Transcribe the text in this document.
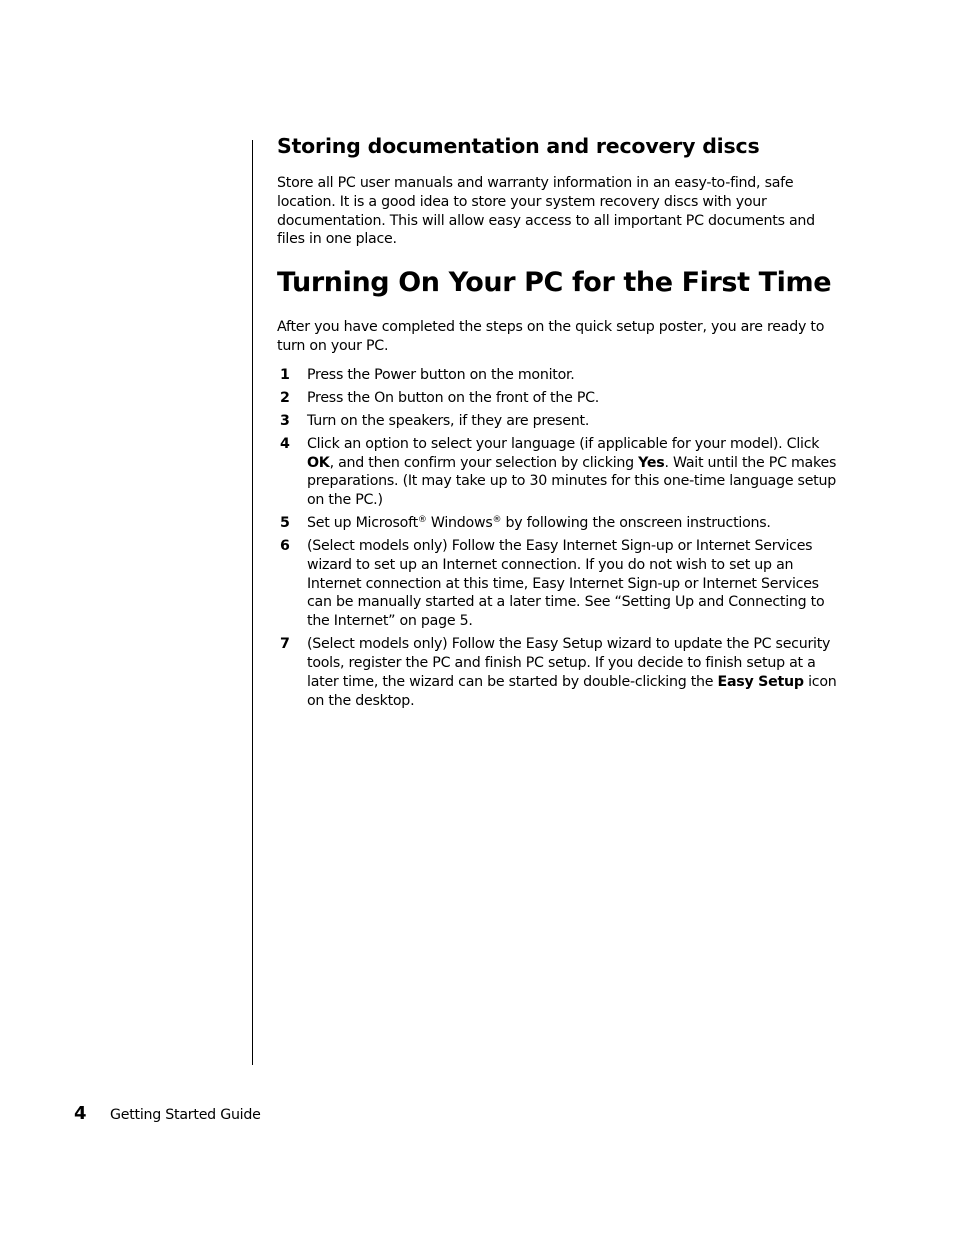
Storing documentation and recovery discs

Store all PC user manuals and warranty information in an easy-to-find, safe location. It is a good idea to store your system recovery discs with your documentation. This will allow easy access to all important PC documents and files in one place.

Turning On Your PC for the First Time

After you have completed the steps on the quick setup poster, you are ready to turn on your PC.

1	Press the Power button on the monitor.
2	Press the On button on the front of the PC.
3	Turn on the speakers, if they are present.
4	Click an option to select your language (if applicable for your model). Click OK, and then confirm your selection by clicking Yes. Wait until the PC makes preparations. (It may take up to 30 minutes for this one-time language setup on the PC.)
5	Set up Microsoft® Windows® by following the onscreen instructions.
6	(Select models only) Follow the Easy Internet Sign-up or Internet Services wizard to set up an Internet connection. If you do not wish to set up an Internet connection at this time, Easy Internet Sign-up or Internet Services can be manually started at a later time. See “Setting Up and Connecting to the Internet” on page 5.
7	(Select models only) Follow the Easy Setup wizard to update the PC security tools, register the PC and finish PC setup. If you decide to finish setup at a later time, the wizard can be started by double-clicking the Easy Setup icon on the desktop.
4	Getting Started Guide
